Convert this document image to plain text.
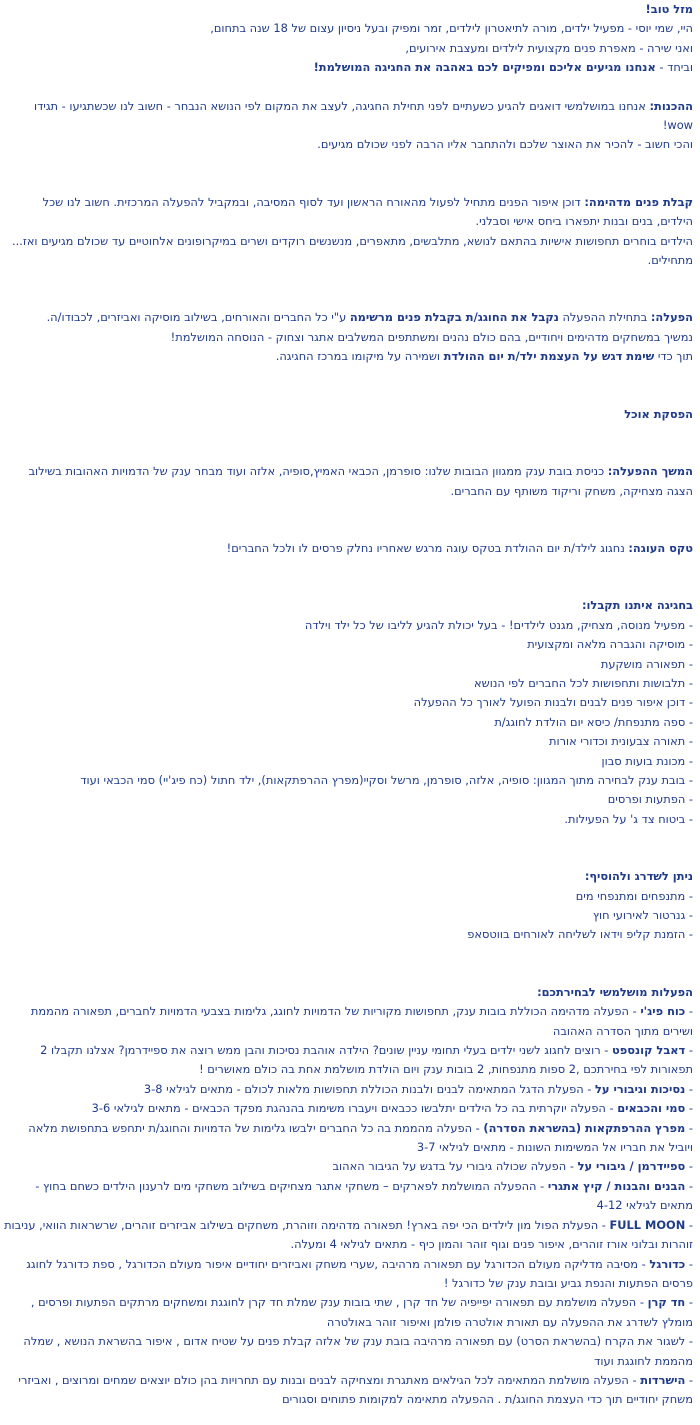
מזל טוב!

היי, שמי יוסי - מפעיל ילדים, מורה לתיאטרון לילדים, זמר ומפיק ובעל ניסיון עצום של 18 שנה בתחום,

ואני שירה - מאפרת פנים מקצועית לילדים ומעצבת אירועים,

וביחד - אנחנו מגיעים אליכם ומפיקים לכם באהבה את החגיגה המושלמת!

ההכנות: אנחנו במושלמשי דואגים להגיע כשעתיים לפני תחילת החגיגה, לעצב את המקום לפי הנושא הנבחר - חשוב לנו שכשתגיעו - תגידו wow!

והכי חשוב - להכיר את האוצר שלכם ולהתחבר אליו הרבה לפני שכולם מגיעים.

קבלת פנים מדהימה: דוכן איפור הפנים מתחיל לפעול מהאורח הראשון ועד לסוף המסיבה, ובמקביל להפעלה המרכזית. חשוב לנו שכל הילדים, בנים ובנות יתפארו ביחס אישי וסבלני.

הילדים בוחרים תחפושות אישיות בהתאם לנושא, מתלבשים, מתאפרים, מנשנשים רוקדים ושרים במיקרופונים אלחוטיים עד שכולם מגיעים ואז... מתחילים.

הפעלה: בתחילת ההפעלה נקבל את החוגג/ת בקבלת פנים מרשימה ע"י כל החברים והאורחים, בשילוב מוסיקה ואביזרים, לכבודו/ה.

נמשיך במשחקים מדהימים ויחודיים, בהם כולם נהנים ומשתתפים המשלבים אתגר וצחוק - הנוסחה המושלמת!

תוך כדי שימת דגש על העצמת ילד/ת יום ההולדת ושמירה על מיקומו במרכז החגיגה.

הפסקת אוכל

המשך ההפעלה: כניסת בובת ענק ממגוון הבובות שלנו: סופרמן, הכבאי האמיץ,סופיה, אלזה ועוד מבחר ענק של הדמויות האהובות בשילוב הצגה מצחיקה, משחק וריקוד משותף עם החברים.

טקס העוגה: נחגוג לילד/ת יום ההולדת בטקס עוגה מרגש שאחריו נחלק פרסים לו ולכל החברים!

בחגיגה איתנו תקבלו:

- מפעיל מנוסה, מצחיק, מגנט לילדים! - בעל יכולת להגיע לליבו של כל ילד וילדה
- מוסיקה והגברה מלאה ומקצועית
- תפאורה מושקעת
- תלבושות ותחפושות לכל החברים לפי הנושא
- דוכן איפור פנים לבנים ולבנות הפועל לאורך כל ההפעלה
- ספה מתנפחת/ כיסא יום הולדת לחוגג/ת
- תאורה צבעונית וכדורי אורות
- מכונת בועות סבון
- בובת ענק לבחירה מתוך המגוון: סופיה, אלזה, סופרמן, מרשל וסקיי(מפרץ ההרפתקאות), ילד חתול (כח פיג'יי) סמי הכבאי ועוד
- הפתעות ופרסים
- ביטוח צד ג' על הפעילות.

ניתן לשדרג ולהוסיף:

- מתנפחים ומתנפחי מים
- גנרטור לאירועי חוץ
- הזמנת קליפ וידאו לשליחה לאורחים בווטסאפ

הפעלות מושלמשי לבחירתכם:

- כוח פיג'י - הפעלה מדהימה הכוללת בובות ענק, תחפושות מקוריות של הדמויות לחוגג, גלימות בצבעי הדמויות לחברים, תפאורה מהממת ושירים מתוך הסדרה האהובה
- דאבל קונספט - רוצים לחגוג לשני ילדים בעלי תחומי עניין שונים? הילדה אוהבת נסיכות והבן ממש רוצה את ספיידרמן? אצלנו תקבלו 2 תפאורות לפי בחירתכם ,2 ספות מתנפחות, 2 בובות ענק ויום הולדת מושלמת אחת בה כולם מאושרים !
- נסיכות וגיבורי על - הפעלת הדגל המתאימה לבנים ולבנות הכוללת תחפושות מלאות לכולם - מתאים לגילאי 3-8
- סמי והכבאים - הפעלה יוקרתית בה כל הילדים יתלבשו ככבאים ויעברו משימות בהנהגת מפקד הכבאים - מתאים לגילאי 3-6
- מפרץ ההרפתקאות (בהשראת הסדרה) - הפעלה מהממת בה כל החברים ילבשו גלימות של הדמויות והחוגג/ת יתחפש בתחפושת מלאה ויוביל את חבריו אל המשימות השונות - מתאים לגילאי 3-7
- ספיידרמן / גיבורי על - הפעלה שכולה גיבורי על בדגש על הגיבור האהוב
- הבנים והבנות / קיץ אתגרי - ההפעלה המושלמת לפארקים – משחקי אתגר מצחיקים בשילוב משחקי מים לרענון הילדים כשחם בחוץ - מתאים לגילאי 4-12
- FULL MOON - הפעלת הפול מון לילדים הכי יפה בארץ! תפאורה מדהימה וזוהרת, משחקים בשילוב אביזרים זוהרים, שרשראות הוואי, עניבות זוהרות ובלוני אורז זוהרים, איפור פנים וגוף זוהר והמון כיף - מתאים לגילאי 4 ומעלה.
- כדורגל - מסיבה מדליקה מעולם הכדורגל עם תפאורה מרהיבה ,שערי משחק ואביזרים יחודיים איפור מעולם הכדורגל , ספת כדורגל לחוגג פרסים הפתעות והנפת גביע ובובת ענק של כדורגל !
- חד קרן - הפעלה מושלמת עם תפאורה יפייפיה של חד קרן , שתי בובות ענק שמלת חד קרן לחוגגת ומשחקים מרתקים הפתעות ופרסים , מומלץ לשדרג את ההפעלה עם תאורת אולטרה פולמן ואיפור זוהר באולטרה
- לשגור את הקרח (בהשראת הסרט) עם תפאורה מרהיבה בובת ענק של אלזה קבלת פנים על שטיח אדום , איפור בהשראת הנושא , שמלה מהממת לחוגגת ועוד
- הישרדות - הפעלה מושלמת המתאימה לכל הגילאים מאתגרת ומצחיקה לבנים ובנות עם תחרויות בהן כולם יוצאים שמחים ומרוצים , ואביזרי משחק יחודיים תוך כדי העצמת החוגג/ת . ההפעלה מתאימה למקומות פתוחים וסגורים
